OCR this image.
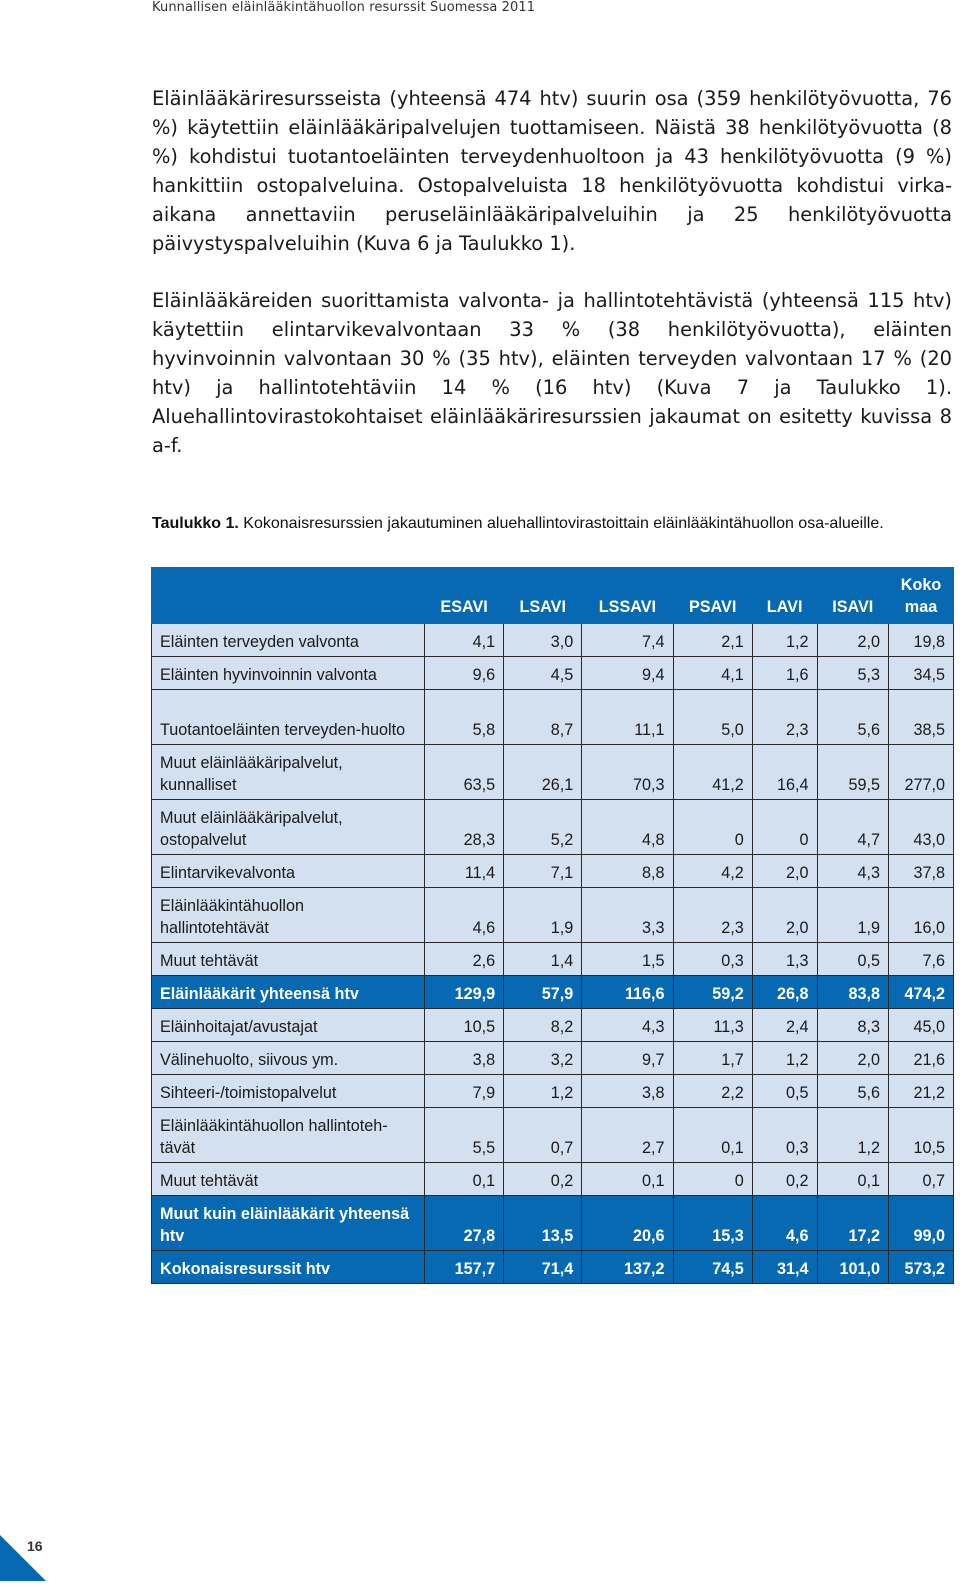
Kunnallisen eläinlääkintähuollon resurssit Suomessa 2011

Eläinlääkäriresursseista (yhteensä 474 htv) suurin osa (359 henkilötyövuotta, 76 %) käytettiin eläinlääkäripalvelujen tuottamiseen. Näistä 38 henkilötyövuotta (8 %) kohdistui tuotantoeläinten terveydenhuoltoon ja 43 henkilötyövuotta (9 %) hankittiin ostopalveluina. Ostopalveluista 18 henkilötyövuotta kohdistui virka-aikana annettaviin peruseläinlääkäripalveluihin ja 25 henkilötyövuotta päivystyspalveluihin (Kuva 6 ja Taulukko 1).

Eläinlääkäreiden suorittamista valvonta- ja hallintotehtävistä (yhteensä 115 htv) käytettiin elintarvikevalvontaan 33 % (38 henkilötyövuotta), eläinten hyvinvoinnin valvontaan 30 % (35 htv), eläinten terveyden valvontaan 17 % (20 htv) ja hallintotehtäviin 14 % (16 htv) (Kuva 7 ja Taulukko 1). Aluehallintovirastokohtaiset eläinlääkäriresurssien jakaumat on esitetty kuvissa 8 a-f.

Taulukko 1. Kokonaisresurssien jakautuminen aluehallintovirastoittain eläinlääkintähuollon osa-alueille.
	ESAVI	LSAVI	LSSAVI	PSAVI	LAVI	ISAVI	Koko maa
Eläinten terveyden valvonta	4,1	3,0	7,4	2,1	1,2	2,0	19,8
Eläinten hyvinvoinnin valvonta	9,6	4,5	9,4	4,1	1,6	5,3	34,5
Tuotantoeläinten terveyden-huolto	5,8	8,7	11,1	5,0	2,3	5,6	38,5
Muut eläinlääkäripalvelut, kunnalliset	63,5	26,1	70,3	41,2	16,4	59,5	277,0
Muut eläinlääkäripalvelut, ostopalvelut	28,3	5,2	4,8	0	0	4,7	43,0
Elintarvikevalvonta	11,4	7,1	8,8	4,2	2,0	4,3	37,8
Eläinlääkintähuollon hallintotehtävät	4,6	1,9	3,3	2,3	2,0	1,9	16,0
Muut tehtävät	2,6	1,4	1,5	0,3	1,3	0,5	7,6
Eläinlääkärit yhteensä htv	129,9	57,9	116,6	59,2	26,8	83,8	474,2
Eläinhoitajat/avustajat	10,5	8,2	4,3	11,3	2,4	8,3	45,0
Välinehuolto, siivous ym.	3,8	3,2	9,7	1,7	1,2	2,0	21,6
Sihteeri-/toimistopalvelut	7,9	1,2	3,8	2,2	0,5	5,6	21,2
Eläinlääkintähuollon hallintoteh-tävät	5,5	0,7	2,7	0,1	0,3	1,2	10,5
Muut tehtävät	0,1	0,2	0,1	0	0,2	0,1	0,7
Muut kuin eläinlääkärit yhteensä htv	27,8	13,5	20,6	15,3	4,6	17,2	99,0
Kokonaisresurssit htv	157,7	71,4	137,2	74,5	31,4	101,0	573,2
16
